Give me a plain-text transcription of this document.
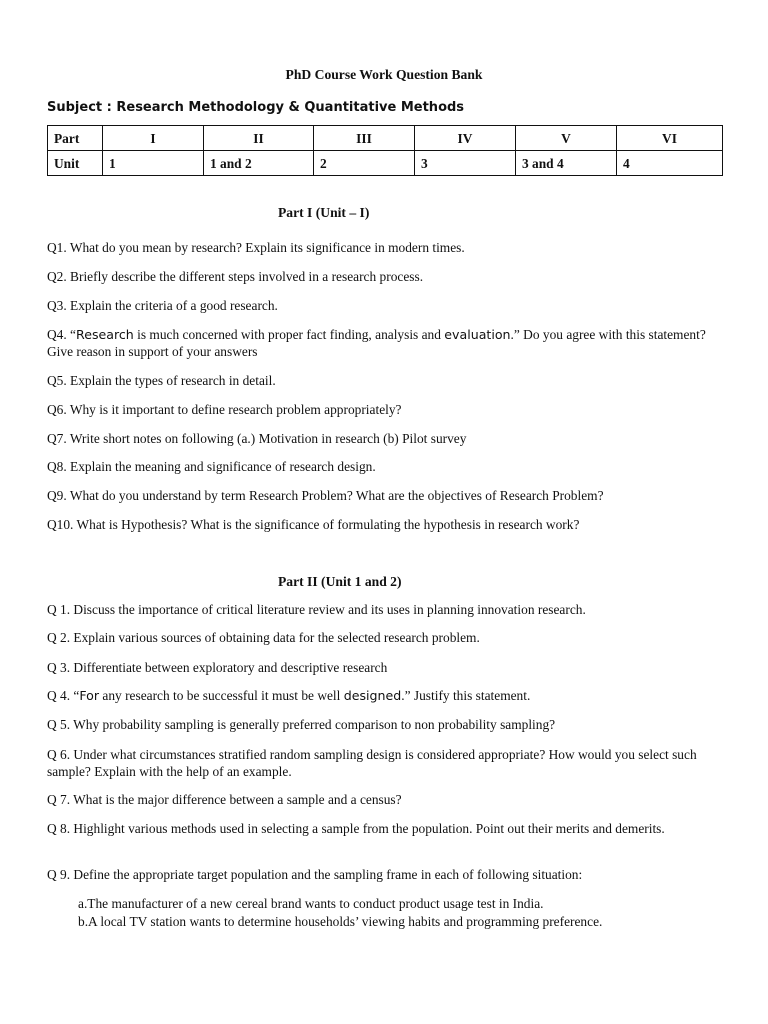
PhD Course Work Question Bank
Subject : Research Methodology & Quantitative Methods
Part	I	II	III	IV	V	VI
Unit	1	1 and 2	2	3	3 and 4	4
Part I (Unit – I)
Q1. What do you mean by research? Explain its significance in modern times.
Q2. Briefly describe the different steps involved in a research process.
Q3. Explain the criteria of a good research.
Q4. “Research is much concerned with proper fact finding, analysis and evaluation.” Do you agree with this statement? Give reason in support of your answers
Q5. Explain the types of research in detail.
Q6. Why is it important to define research problem appropriately?
Q7. Write short notes on following (a.) Motivation in research (b) Pilot survey
Q8. Explain the meaning and significance of research design.
Q9. What do you understand by term Research Problem? What are the objectives of Research Problem?
Q10. What is Hypothesis? What is the significance of formulating the hypothesis in research work?
Part II (Unit 1 and 2)
Q 1. Discuss the importance of critical literature review and its uses in planning innovation research.
Q 2. Explain various sources of obtaining data for the selected research problem.
Q 3. Differentiate between exploratory and descriptive research
Q 4. “For any research to be successful it must be well designed.” Justify this statement.
Q 5. Why probability sampling is generally preferred comparison to non probability sampling?
Q 6. Under what circumstances stratified random sampling design is considered appropriate? How would you select such sample? Explain with the help of an example.
Q 7. What is the major difference between a sample and a census?
Q 8. Highlight various methods used in selecting a sample from the population. Point out their merits and demerits.
Q 9. Define the appropriate target population and the sampling frame in each of following situation:
a.The manufacturer of a new cereal brand wants to conduct product usage test in India.
b.A local TV station wants to determine households’ viewing habits and programming preference.
